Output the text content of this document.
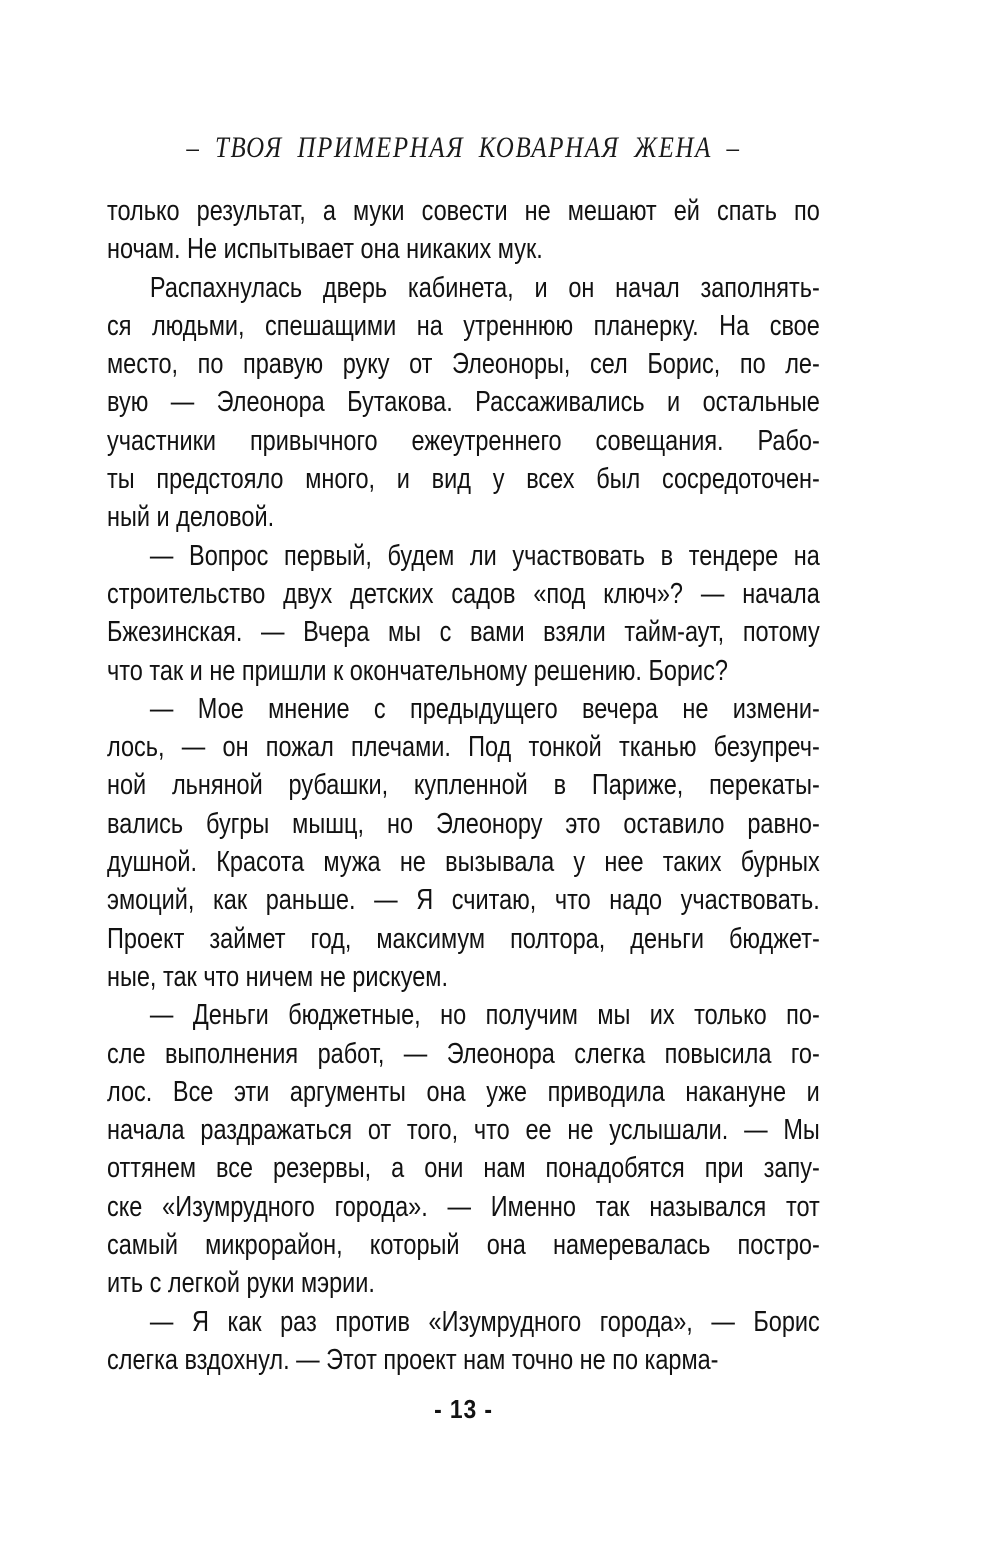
– ТВОЯ ПРИМЕРНАЯ КОВАРНАЯ ЖЕНА –
только результат, а муки совести не мешают ей спать по
ночам. Не испытывает она никаких мук.
Распахнулась дверь кабинета, и он начал заполнять-
ся людьми, спешащими на утреннюю планерку. На свое
место, по правую руку от Элеоноры, сел Борис, по ле-
вую — Элеонора Бутакова. Рассаживались и остальные
участники привычного ежеутреннего совещания. Рабо-
ты предстояло много, и вид у всех был сосредоточен-
ный и деловой.
— Вопрос первый, будем ли участвовать в тендере на
строительство двух детских садов «под ключ»? — начала
Бжезинская. — Вчера мы с вами взяли тайм-аут, потому
что так и не пришли к окончательному решению. Борис?
— Мое мнение с предыдущего вечера не измени-
лось, — он пожал плечами. Под тонкой тканью безупреч-
ной льняной рубашки, купленной в Париже, перекаты-
вались бугры мышц, но Элеонору это оставило равно-
душной. Красота мужа не вызывала у нее таких бурных
эмоций, как раньше. — Я считаю, что надо участвовать.
Проект займет год, максимум полтора, деньги бюджет-
ные, так что ничем не рискуем.
— Деньги бюджетные, но получим мы их только по-
сле выполнения работ, — Элеонора слегка повысила го-
лос. Все эти аргументы она уже приводила накануне и
начала раздражаться от того, что ее не услышали. — Мы
оттянем все резервы, а они нам понадобятся при запу-
ске «Изумрудного города». — Именно так назывался тот
самый микрорайон, который она намеревалась постро-
ить с легкой руки мэрии.
— Я как раз против «Изумрудного города», — Борис
слегка вздохнул. — Этот проект нам точно не по карма-
- 13 -
